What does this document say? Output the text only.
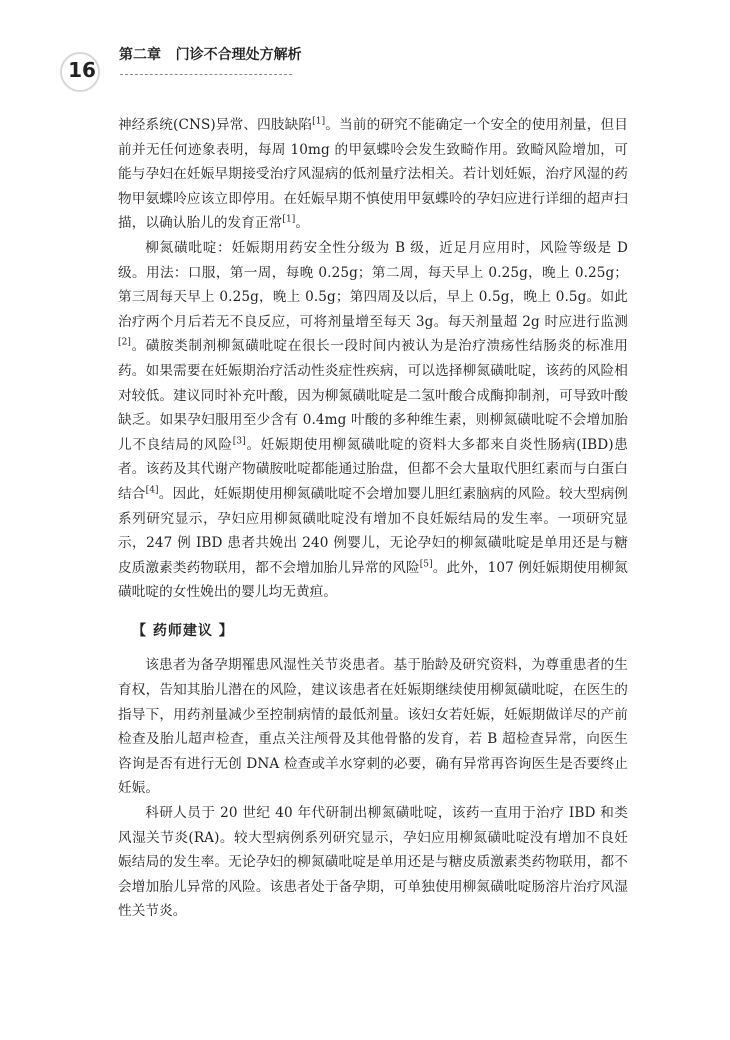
16
第二章   门诊不合理处方解析

神经系统(CNS)异常、四肢缺陷[1]。当前的研究不能确定一个安全的使用剂量，但目前并无任何迹象表明，每周 10mg 的甲氨蝶呤会发生致畸作用。致畸风险增加，可能与孕妇在妊娠早期接受治疗风湿病的低剂量疗法相关。若计划妊娠，治疗风湿的药物甲氨蝶呤应该立即停用。在妊娠早期不慎使用甲氨蝶呤的孕妇应进行详细的超声扫描，以确认胎儿的发育正常[1]。

柳氮磺吡啶：妊娠期用药安全性分级为 B 级，近足月应用时，风险等级是 D 级。用法：口服，第一周，每晚 0.25g；第二周，每天早上 0.25g，晚上 0.25g；第三周每天早上 0.25g，晚上 0.5g；第四周及以后，早上 0.5g，晚上 0.5g。如此治疗两个月后若无不良反应，可将剂量增至每天 3g。每天剂量超 2g 时应进行监测[2]。磺胺类制剂柳氮磺吡啶在很长一段时间内被认为是治疗溃疡性结肠炎的标准用药。如果需要在妊娠期治疗活动性炎症性疾病，可以选择柳氮磺吡啶，该药的风险相对较低。建议同时补充叶酸，因为柳氮磺吡啶是二氢叶酸合成酶抑制剂，可导致叶酸缺乏。如果孕妇服用至少含有 0.4mg 叶酸的多种维生素，则柳氮磺吡啶不会增加胎儿不良结局的风险[3]。妊娠期使用柳氮磺吡啶的资料大多都来自炎性肠病(IBD)患者。该药及其代谢产物磺胺吡啶都能通过胎盘，但都不会大量取代胆红素而与白蛋白结合[4]。因此，妊娠期使用柳氮磺吡啶不会增加婴儿胆红素脑病的风险。较大型病例系列研究显示，孕妇应用柳氮磺吡啶没有增加不良妊娠结局的发生率。一项研究显示，247 例 IBD 患者共娩出 240 例婴儿，无论孕妇的柳氮磺吡啶是单用还是与糖皮质激素类药物联用，都不会增加胎儿异常的风险[5]。此外，107 例妊娠期使用柳氮磺吡啶的女性娩出的婴儿均无黄疸。

【 药师建议 】

该患者为备孕期罹患风湿性关节炎患者。基于胎龄及研究资料，为尊重患者的生育权，告知其胎儿潜在的风险，建议该患者在妊娠期继续使用柳氮磺吡啶，在医生的指导下，用药剂量减少至控制病情的最低剂量。该妇女若妊娠，妊娠期做详尽的产前检查及胎儿超声检查，重点关注颅骨及其他骨骼的发育，若 B 超检查异常，向医生咨询是否有进行无创 DNA 检查或羊水穿刺的必要，确有异常再咨询医生是否要终止妊娠。

科研人员于 20 世纪 40 年代研制出柳氮磺吡啶，该药一直用于治疗 IBD 和类风湿关节炎(RA)。较大型病例系列研究显示，孕妇应用柳氮磺吡啶没有增加不良妊娠结局的发生率。无论孕妇的柳氮磺吡啶是单用还是与糖皮质激素类药物联用，都不会增加胎儿异常的风险。该患者处于备孕期，可单独使用柳氮磺吡啶肠溶片治疗风湿性关节炎。
